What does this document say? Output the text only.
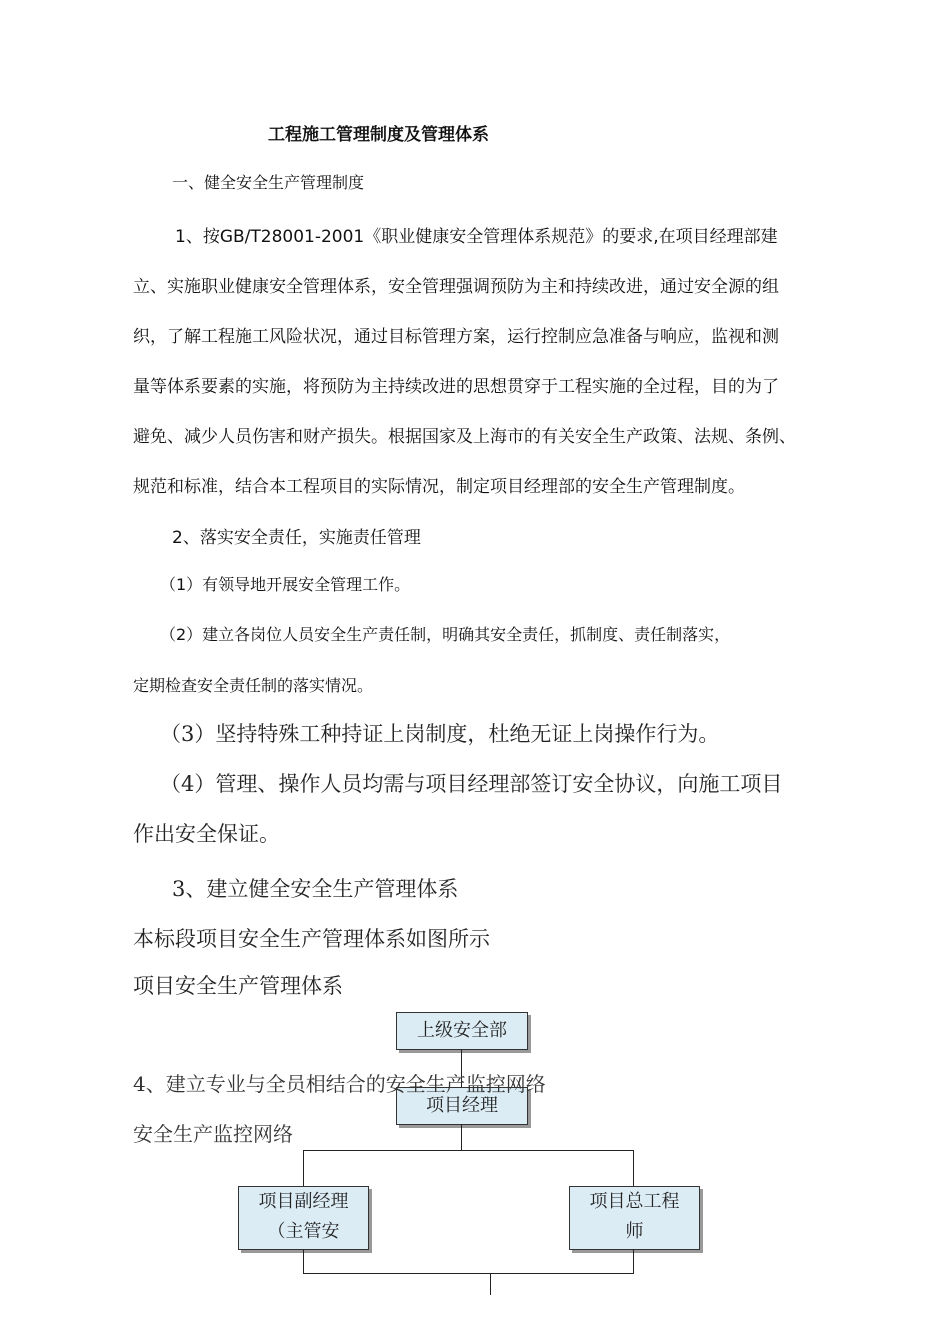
工程施工管理制度及管理体系
一、健全安全生产管理制度
1、按GB/T28001-2001《职业健康安全管理体系规范》的要求,在项目经理部建
立、实施职业健康安全管理体系，安全管理强调预防为主和持续改进，通过安全源的组
织，了解工程施工风险状况，通过目标管理方案，运行控制应急准备与响应，监视和测
量等体系要素的实施，将预防为主持续改进的思想贯穿于工程实施的全过程，目的为了
避免、减少人员伤害和财产损失。根据国家及上海市的有关安全生产政策、法规、条例、
规范和标准，结合本工程项目的实际情况，制定项目经理部的安全生产管理制度。
2、落实安全责任，实施责任管理
（1）有领导地开展安全管理工作。
（2）建立各岗位人员安全生产责任制，明确其安全责任，抓制度、责任制落实，
定期检查安全责任制的落实情况。
（3）坚持特殊工种持证上岗制度，杜绝无证上岗操作行为。
（4）管理、操作人员均需与项目经理部签订安全协议，向施工项目
作出安全保证。
3、建立健全安全生产管理体系
本标段项目安全生产管理体系如图所示
项目安全生产管理体系
上级安全部
项目经理
项目副经理
（主管安
项目总工程
师
4、建立专业与全员相结合的安全生产监控网络
安全生产监控网络
